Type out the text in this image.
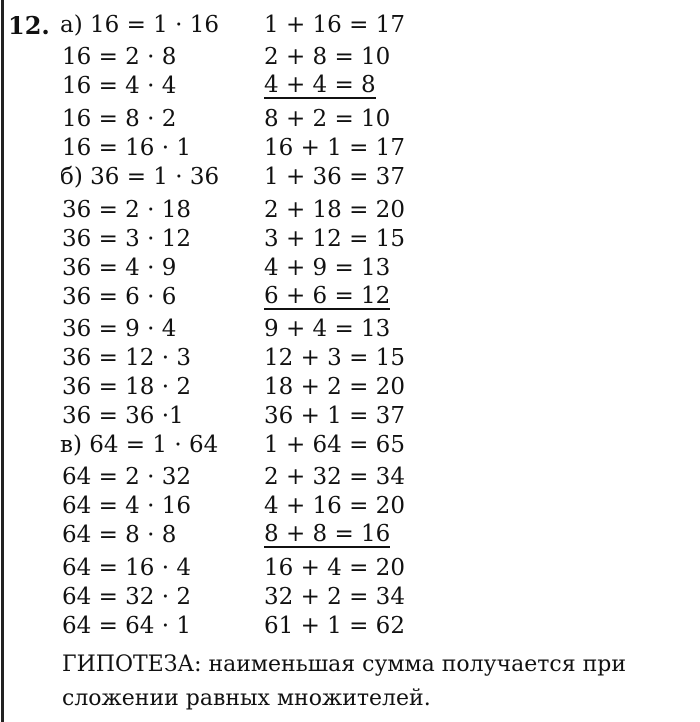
12. а) 16 = 1 · 16 1 + 16 = 17
16 = 2 · 8	2 + 8 = 10
16 = 4 · 4	4 + 4 = 8
16 = 8 · 2	8 + 2 = 10
16 = 16 · 1	16 + 1 = 17
б) 36 = 1 · 36 1 + 36 = 37
36 = 2 · 18	2 + 18 = 20
36 = 3 · 12	3 + 12 = 15
36 = 4 · 9	4 + 9 = 13
36 = 6 · 6	6 + 6 = 12
36 = 9 · 4	9 + 4 = 13
36 = 12 · 3	12 + 3 = 15
36 = 18 · 2	18 + 2 = 20
36 = 36 ·1	36 + 1 = 37
в) 64 = 1 · 64 1 + 64 = 65
64 = 2 · 32	2 + 32 = 34
64 = 4 · 16	4 + 16 = 20
64 = 8 · 8	8 + 8 = 16
64 = 16 · 4	16 + 4 = 20
64 = 32 · 2	32 + 2 = 34
64 = 64 · 1	61 + 1 = 62
ГИПОТЕЗА: наименьшая сумма получается при
сложении равных множителей.
